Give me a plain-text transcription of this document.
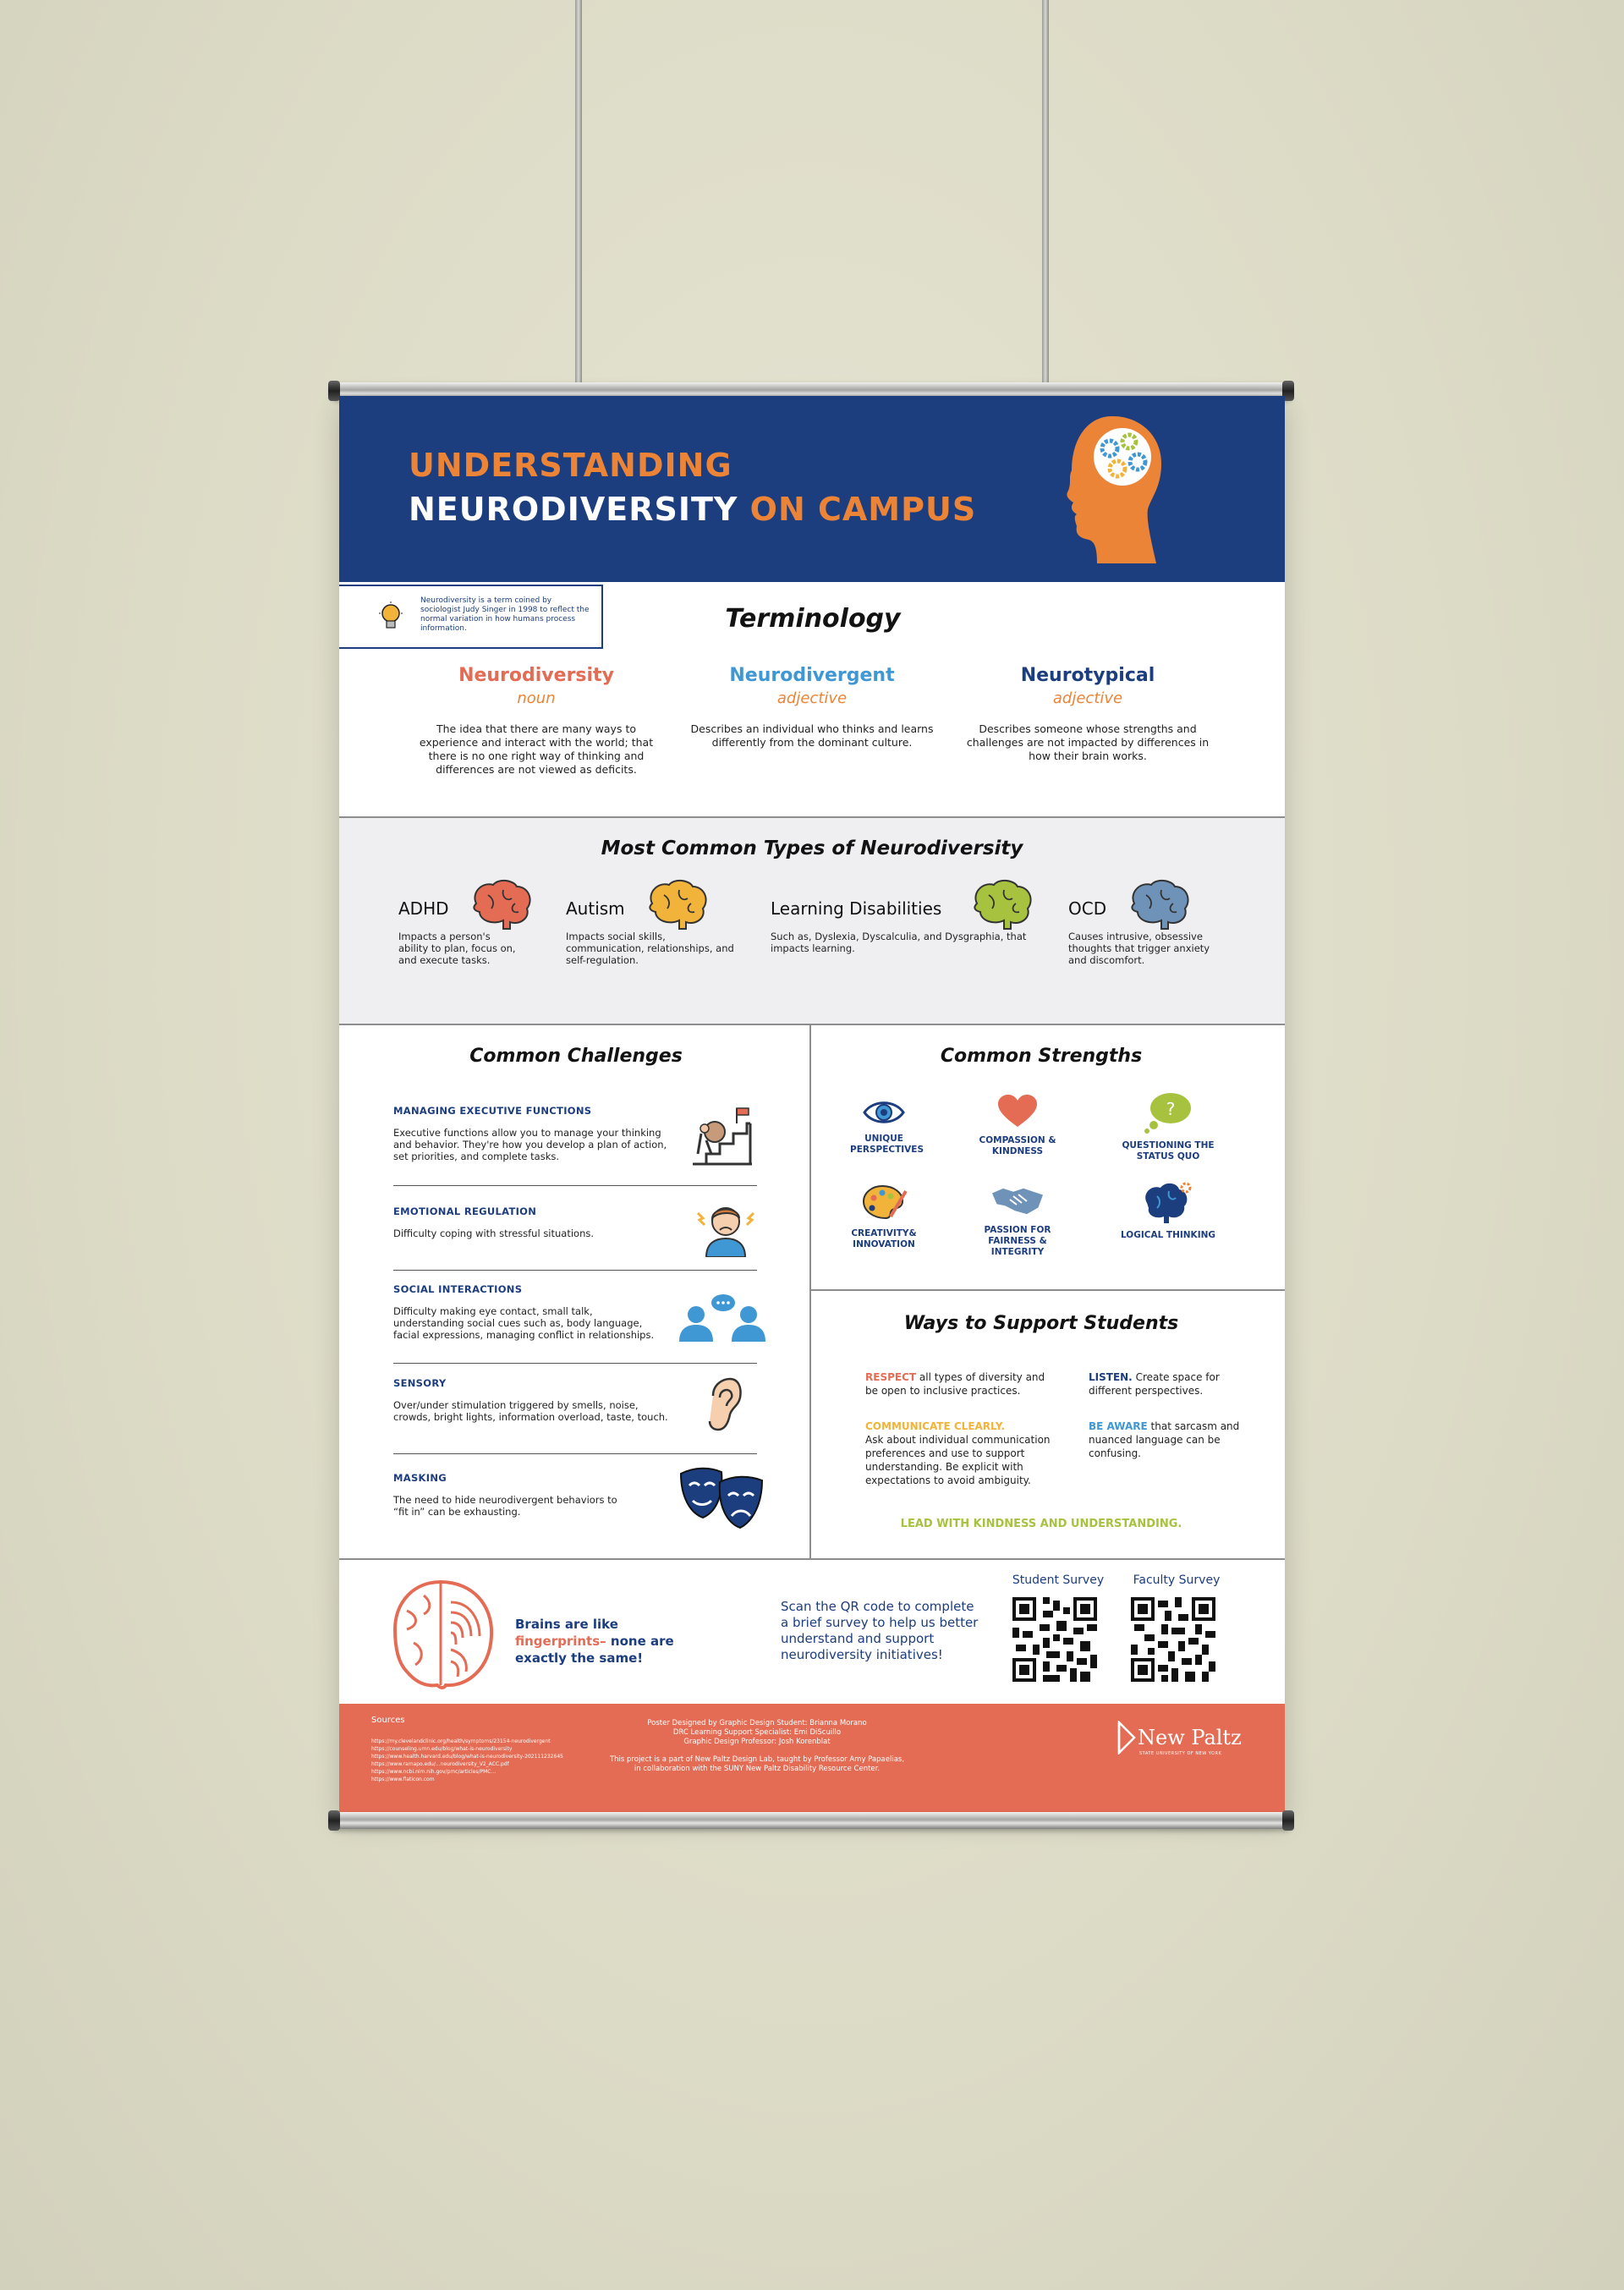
UNDERSTANDING
NEURODIVERSITY ON CAMPUS
Neurodiversity is a term coined by sociologist Judy Singer in 1998 to reflect the normal variation in how humans process information.	Terminology
Neurodiversity
noun
The idea that there are many ways to experience and interact with the world; that there is no one right way of thinking and differences are not viewed as deficits.
Neurodivergent
adjective
Describes an individual who thinks and learns differently from the dominant culture.
Neurotypical
adjective
Describes someone whose strengths and challenges are not impacted by differences in how their brain works.
Most Common Types of Neurodiversity
ADHD
Impacts a person's ability to plan, focus on, and execute tasks.
Autism
Impacts social skills, communication, relationships, and self-regulation.
Learning Disabilities
Such as, Dyslexia, Dyscalculia, and Dysgraphia, that impacts learning.
OCD
Causes intrusive, obsessive thoughts that trigger anxiety and discomfort.
Common Challenges
MANAGING EXECUTIVE FUNCTIONS
Executive functions allow you to manage your thinking and behavior. They're how you develop a plan of action, set priorities, and complete tasks.
EMOTIONAL REGULATION
Difficulty coping with stressful situations.
SOCIAL INTERACTIONS
Difficulty making eye contact, small talk, understanding social cues such as, body language, facial expressions, managing conflict in relationships.
SENSORY
Over/under stimulation triggered by smells, noise, crowds, bright lights, information overload, taste, touch.
MASKING
The need to hide neurodivergent behaviors to “fit in” can be exhausting.
Common Strengths
UNIQUE PERSPECTIVES
COMPASSION & KINDNESS
?
QUESTIONING THE STATUS QUO
CREATIVITY& INNOVATION
PASSION FOR FAIRNESS & INTEGRITY
LOGICAL THINKING
Ways to Support Students
RESPECT all types of diversity and be open to inclusive practices.
LISTEN. Create space for different perspectives.
COMMUNICATE CLEARLY.
Ask about individual communication preferences and use to support understanding. Be explicit with expectations to avoid ambiguity.
BE AWARE that sarcasm and nuanced language can be confusing.
LEAD WITH KINDNESS AND UNDERSTANDING.
Brains are like fingerprints– none are exactly the same!
Scan the QR code to complete a brief survey to help us better understand and support neurodiversity initiatives!
Student Survey	Faculty Survey
Sources
https://my.clevelandclinic.org/health/symptoms/23154-neurodivergent
https://counseling.umn.edu/blog/what-is-neurodiversity
https://www.health.harvard.edu/blog/what-is-neurodiversity-202111232645
https://www.ramapo.edu/...neurodiversity_V2_ACC.pdf
https://www.ncbi.nlm.nih.gov/pmc/articles/PMC...
https://www.flaticon.com
Poster Designed by Graphic Design Student: Brianna Morano
DRC Learning Support Specialist: Emi DiScuillo
Graphic Design Professor: Josh Korenblat
This project is a part of New Paltz Design Lab, taught by Professor Amy Papaelias,
in collaboration with the SUNY New Paltz Disability Resource Center.
New Paltz
STATE UNIVERSITY OF NEW YORK
